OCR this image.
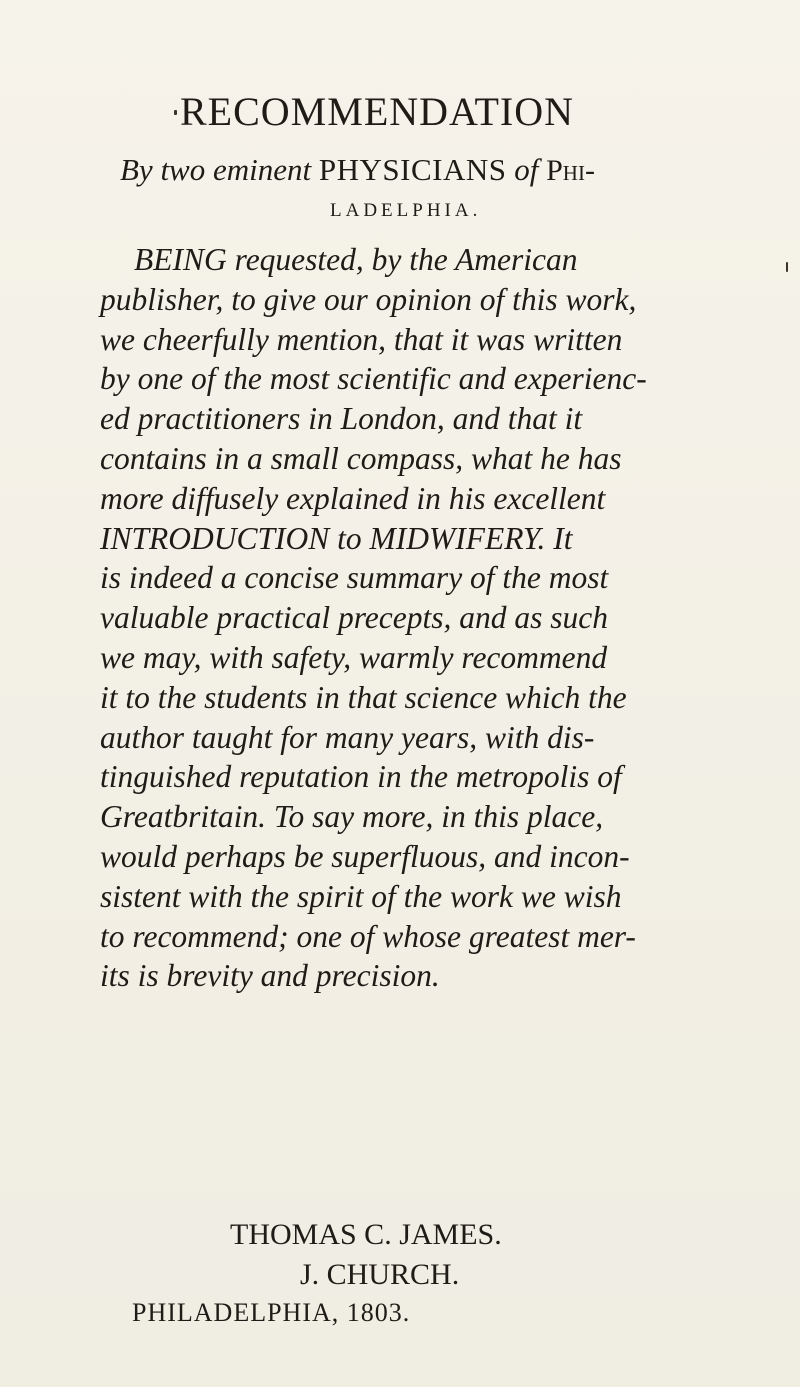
RECOMMENDATION
By two eminent PHYSICIANS of Phi-
LADELPHIA.
BEING requested, by the American
publisher, to give our opinion of this work,
we cheerfully mention, that it was written
by one of the most scientific and experienc-
ed practitioners in London, and that it
contains in a small compass, what he has
more diffusely explained in his excellent
INTRODUCTION to MIDWIFERY. It
is indeed a concise summary of the most
valuable practical precepts, and as such
we may, with safety, warmly recommend
it to the students in that science which the
author taught for many years, with dis-
tinguished reputation in the metropolis of
Greatbritain. To say more, in this place,
would perhaps be superfluous, and incon-
sistent with the spirit of the work we wish
to recommend; one of whose greatest mer-
its is brevity and precision.
THOMAS C. JAMES.
J. CHURCH.
PHILADELPHIA, 1803.
